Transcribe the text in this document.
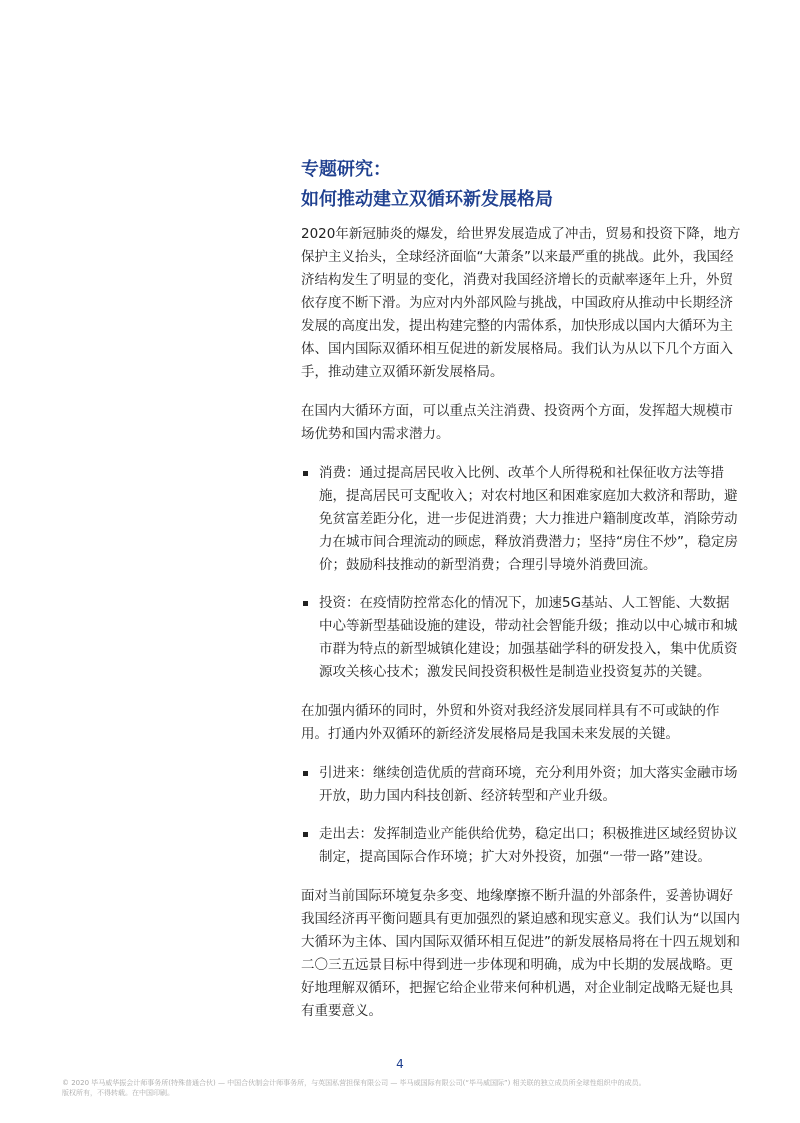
专题研究：
如何推动建立双循环新发展格局

2020年新冠肺炎的爆发，给世界发展造成了冲击，贸易和投资下降，地方保护主义抬头，全球经济面临“大萧条”以来最严重的挑战。此外，我国经济结构发生了明显的变化，消费对我国经济增长的贡献率逐年上升，外贸依存度不断下滑。为应对内外部风险与挑战，中国政府从推动中长期经济发展的高度出发，提出构建完整的内需体系，加快形成以国内大循环为主体、国内国际双循环相互促进的新发展格局。我们认为从以下几个方面入手，推动建立双循环新发展格局。

在国内大循环方面，可以重点关注消费、投资两个方面，发挥超大规模市场优势和国内需求潜力。

消费：通过提高居民收入比例、改革个人所得税和社保征收方法等措施，提高居民可支配收入；对农村地区和困难家庭加大救济和帮助，避免贫富差距分化，进一步促进消费；大力推进户籍制度改革，消除劳动力在城市间合理流动的顾虑，释放消费潜力；坚持“房住不炒”，稳定房价；鼓励科技推动的新型消费；合理引导境外消费回流。
投资：在疫情防控常态化的情况下，加速5G基站、人工智能、大数据中心等新型基础设施的建设，带动社会智能升级；推动以中心城市和城市群为特点的新型城镇化建设；加强基础学科的研发投入，集中优质资源攻关核心技术；激发民间投资积极性是制造业投资复苏的关键。

在加强内循环的同时，外贸和外资对我经济发展同样具有不可或缺的作用。打通内外双循环的新经济发展格局是我国未来发展的关键。

引进来：继续创造优质的营商环境，充分利用外资；加大落实金融市场开放，助力国内科技创新、经济转型和产业升级。
走出去：发挥制造业产能供给优势，稳定出口；积极推进区域经贸协议制定，提高国际合作环境；扩大对外投资，加强“一带一路”建设。

面对当前国际环境复杂多变、地缘摩擦不断升温的外部条件，妥善协调好我国经济再平衡问题具有更加强烈的紧迫感和现实意义。我们认为“以国内大循环为主体、国内国际双循环相互促进”的新发展格局将在十四五规划和二〇三五远景目标中得到进一步体现和明确，成为中长期的发展战略。更好地理解双循环，把握它给企业带来何种机遇，对企业制定战略无疑也具有重要意义。

4
© 2020 毕马威华振会计师事务所(特殊普通合伙) — 中国合伙制会计师事务所，与英国私营担保有限公司 — 毕马威国际有限公司(“毕马威国际”) 相关联的独立成员所全球性组织中的成员。
版权所有，不得转载。在中国印刷。
